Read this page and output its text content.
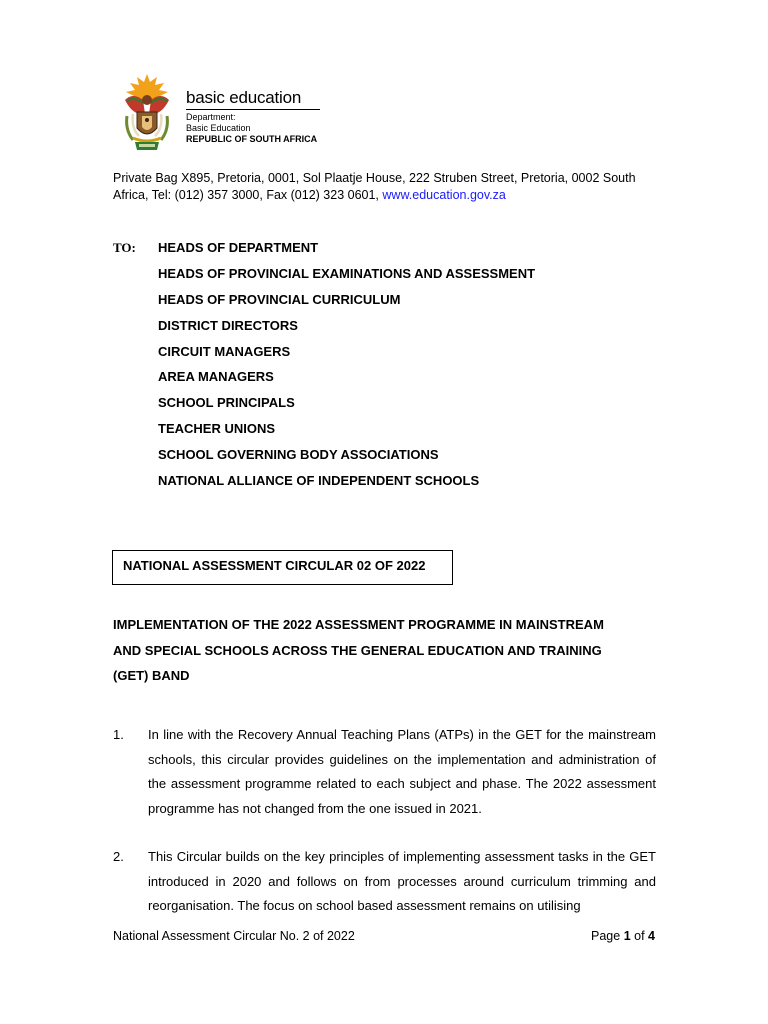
basic education
Department:
Basic Education
REPUBLIC OF SOUTH AFRICA
Private Bag X895, Pretoria, 0001, Sol Plaatje House, 222 Struben Street, Pretoria, 0002 South Africa, Tel: (012) 357 3000, Fax (012) 323 0601, www.education.gov.za
TO: HEADS OF DEPARTMENT
HEADS OF PROVINCIAL EXAMINATIONS AND ASSESSMENT
HEADS OF PROVINCIAL CURRICULUM
DISTRICT DIRECTORS
CIRCUIT MANAGERS
AREA MANAGERS
SCHOOL PRINCIPALS
TEACHER UNIONS
SCHOOL GOVERNING BODY ASSOCIATIONS
NATIONAL ALLIANCE OF INDEPENDENT SCHOOLS
NATIONAL ASSESSMENT CIRCULAR 02 OF 2022
IMPLEMENTATION OF THE 2022 ASSESSMENT PROGRAMME IN MAINSTREAM
AND SPECIAL SCHOOLS ACROSS THE GENERAL EDUCATION AND TRAINING
(GET) BAND
1. In line with the Recovery Annual Teaching Plans (ATPs) in the GET for the mainstream schools, this circular provides guidelines on the implementation and administration of the assessment programme related to each subject and phase. The 2022 assessment programme has not changed from the one issued in 2021.
2. This Circular builds on the key principles of implementing assessment tasks in the GET introduced in 2020 and follows on from processes around curriculum trimming and reorganisation. The focus on school based assessment remains on utilising
National Assessment Circular No. 2 of 2022	Page 1 of 4
